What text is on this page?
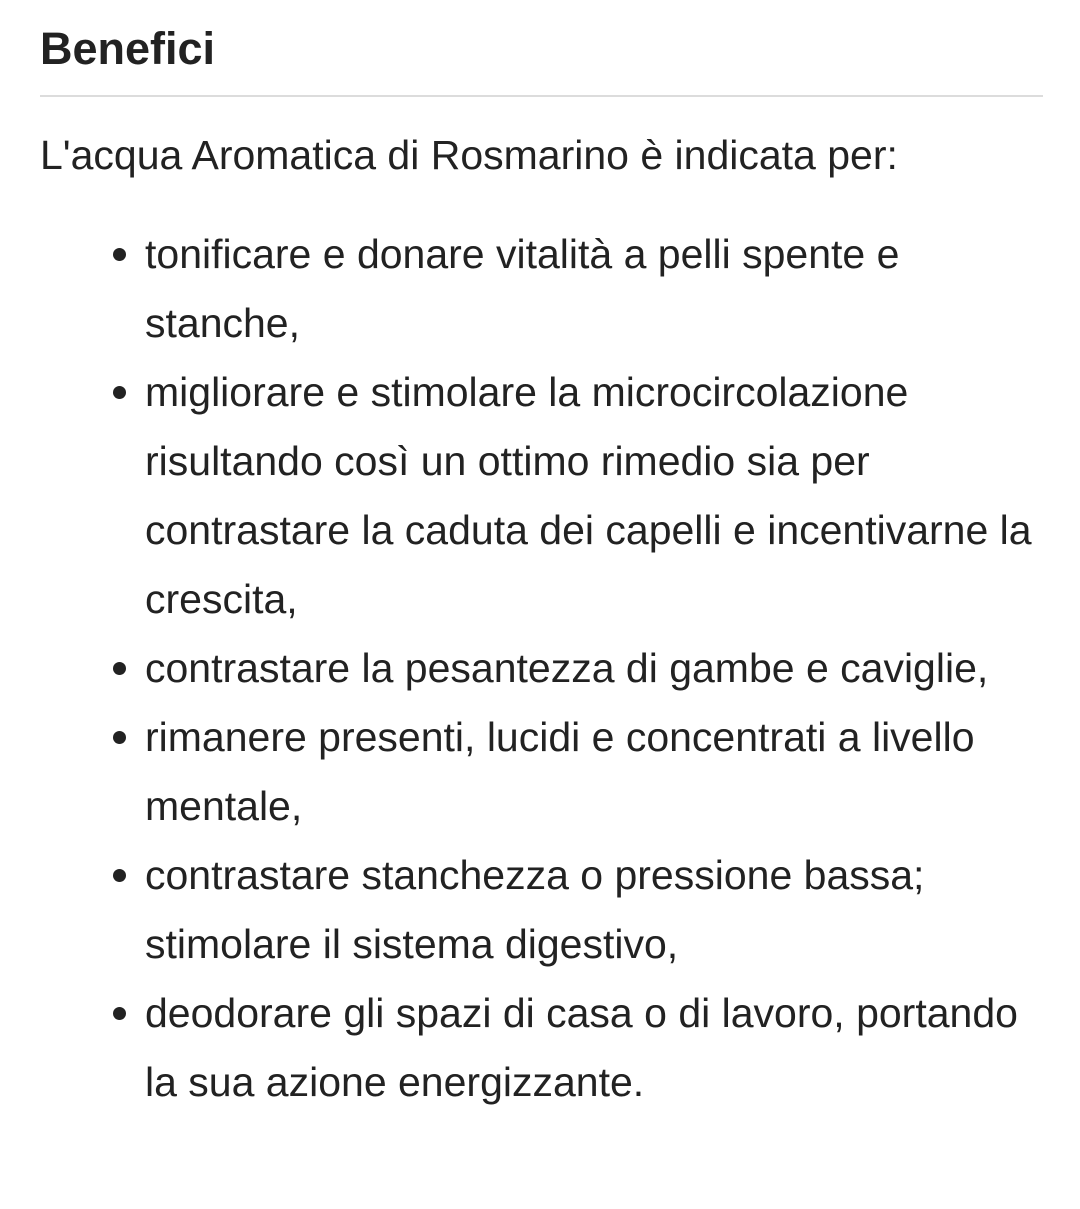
Benefici

L'acqua Aromatica di Rosmarino è indicata per:

tonificare e donare vitalità a pelli spente e stanche,
migliorare e stimolare la microcircolazione risultando così un ottimo rimedio sia per contrastare la caduta dei capelli e incentivarne la crescita,
contrastare la pesantezza di gambe e caviglie,
rimanere presenti, lucidi e concentrati a livello mentale,
contrastare stanchezza o pressione bassa; stimolare il sistema digestivo,
deodorare gli spazi di casa o di lavoro, portando la sua azione energizzante.
